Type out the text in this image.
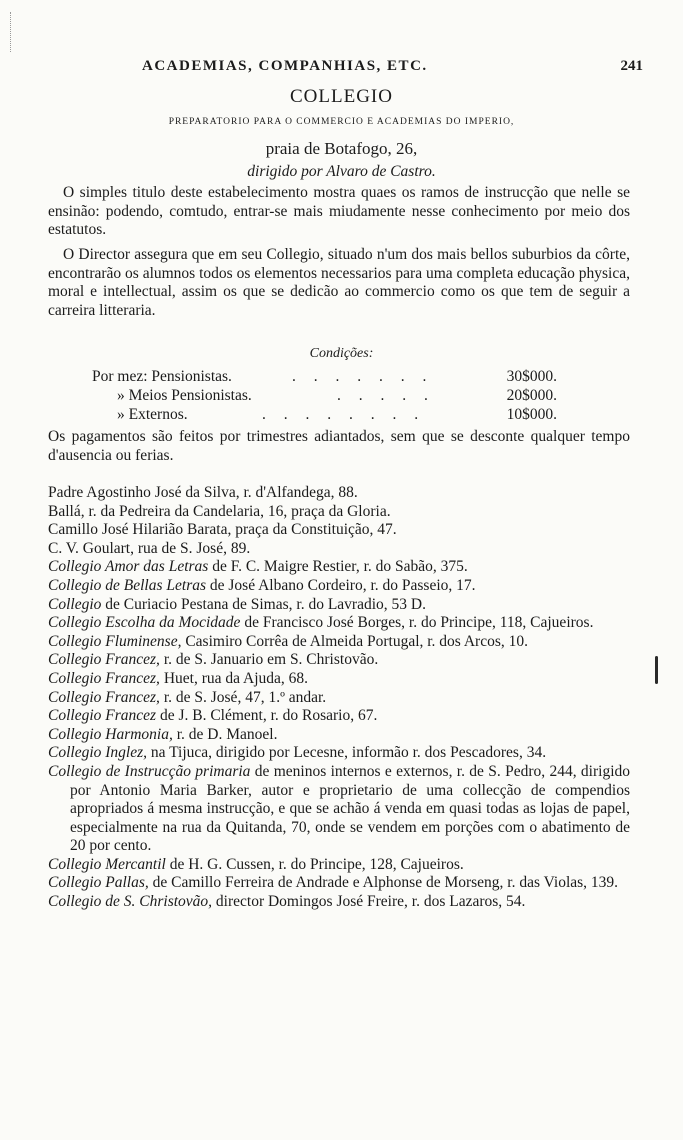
ACADEMIAS, COMPANHIAS, ETC.	241
COLLEGIO
PREPARATORIO PARA O COMMERCIO E ACADEMIAS DO IMPERIO,
praia de Botafogo, 26,
dirigido por Alvaro de Castro.
O simples titulo deste estabelecimento mostra quaes os ramos de instrucção que nelle se ensinão: podendo, comtudo, entrar-se mais miudamente nesse conhecimento por meio dos estatutos.
O Director assegura que em seu Collegio, situado n'um dos mais bellos suburbios da côrte, encontrarão os alumnos todos os elementos necessarios para uma completa educação physica, moral e intellectual, assim os que se dedicão ao commercio como os que tem de seguir a carreira litteraria.
Condições:
Por mez: Pensionistas.	. . . . . . .	30$000.
» Meios Pensionistas.	. . . . .	20$000.
» Externos.	. . . . . . . .	10$000.
Os pagamentos são feitos por trimestres adiantados, sem que se desconte qualquer tempo d'ausencia ou ferias.
Padre Agostinho José da Silva, r. d'Alfandega, 88.
Ballá, r. da Pedreira da Candelaria, 16, praça da Gloria.
Camillo José Hilarião Barata, praça da Constituição, 47.
C. V. Goulart, rua de S. José, 89.
Collegio Amor das Letras de F. C. Maigre Restier, r. do Sabão, 375.
Collegio de Bellas Letras de José Albano Cordeiro, r. do Passeio, 17.
Collegio de Curiacio Pestana de Simas, r. do Lavradio, 53 D.
Collegio Escolha da Mocidade de Francisco José Borges, r. do Principe, 118, Cajueiros.
Collegio Fluminense, Casimiro Corrêa de Almeida Portugal, r. dos Arcos, 10.
Collegio Francez, r. de S. Januario em S. Christovão.
Collegio Francez, Huet, rua da Ajuda, 68.
Collegio Francez, r. de S. José, 47, 1.º andar.
Collegio Francez de J. B. Clément, r. do Rosario, 67.
Collegio Harmonia, r. de D. Manoel.
Collegio Inglez, na Tijuca, dirigido por Lecesne, informão r. dos Pescadores, 34.
Collegio de Instrucção primaria de meninos internos e externos, r. de S. Pedro, 244, dirigido por Antonio Maria Barker, autor e proprietario de uma collecção de compendios apropriados á mesma instrucção, e que se achão á venda em quasi todas as lojas de papel, especialmente na rua da Quitanda, 70, onde se vendem em porções com o abatimento de 20 por cento.
Collegio Mercantil de H. G. Cussen, r. do Principe, 128, Cajueiros.
Collegio Pallas, de Camillo Ferreira de Andrade e Alphonse de Morseng, r. das Violas, 139.
Collegio de S. Christovão, director Domingos José Freire, r. dos Lazaros, 54.
